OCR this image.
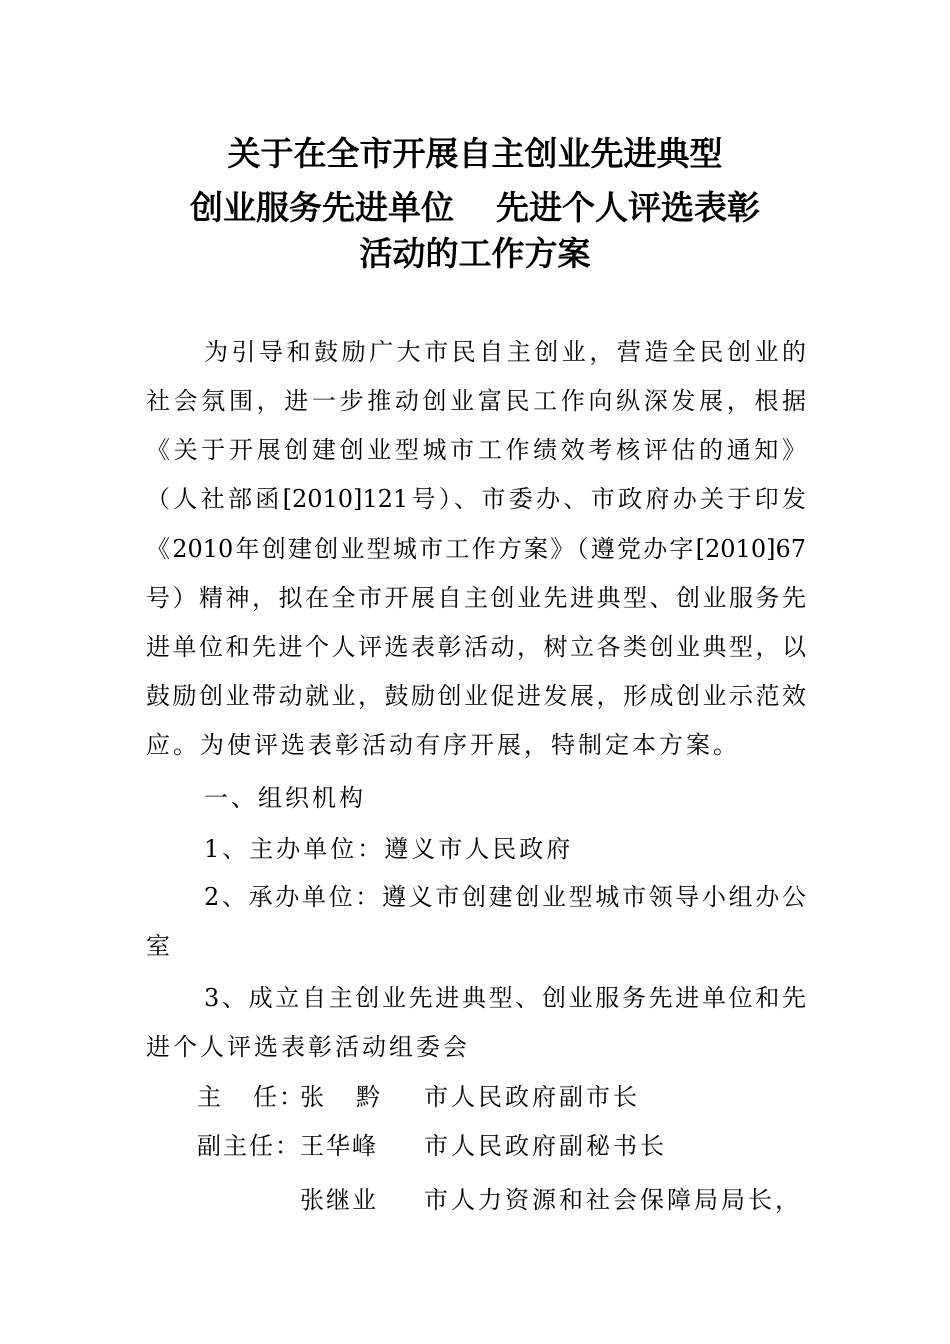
关于在全市开展自主创业先进典型
创业服务先进单位 先进个人评选表彰
活动的工作方案
为引导和鼓励广大市民自主创业，营造全民创业的
社会氛围，进一步推动创业富民工作向纵深发展，根据
《关于开展创建创业型城市工作绩效考核评估的通知》
（人社部函[2010]121号）、市委办、市政府办关于印发
《2010年创建创业型城市工作方案》（遵党办字[2010]67
号）精神，拟在全市开展自主创业先进典型、创业服务先
进单位和先进个人评选表彰活动，树立各类创业典型，以
鼓励创业带动就业，鼓励创业促进发展，形成创业示范效
应。为使评选表彰活动有序开展，特制定本方案。
一、组织机构
1、主办单位：遵义市人民政府
2、承办单位：遵义市创建创业型城市领导小组办公
室
3、成立自主创业先进典型、创业服务先进单位和先
进个人评选表彰活动组委会
主 任：
张 黔 市人民政府副市长
副主任： 王华峰 市人民政府副秘书长
张继业 市人力资源和社会保障局局长，
